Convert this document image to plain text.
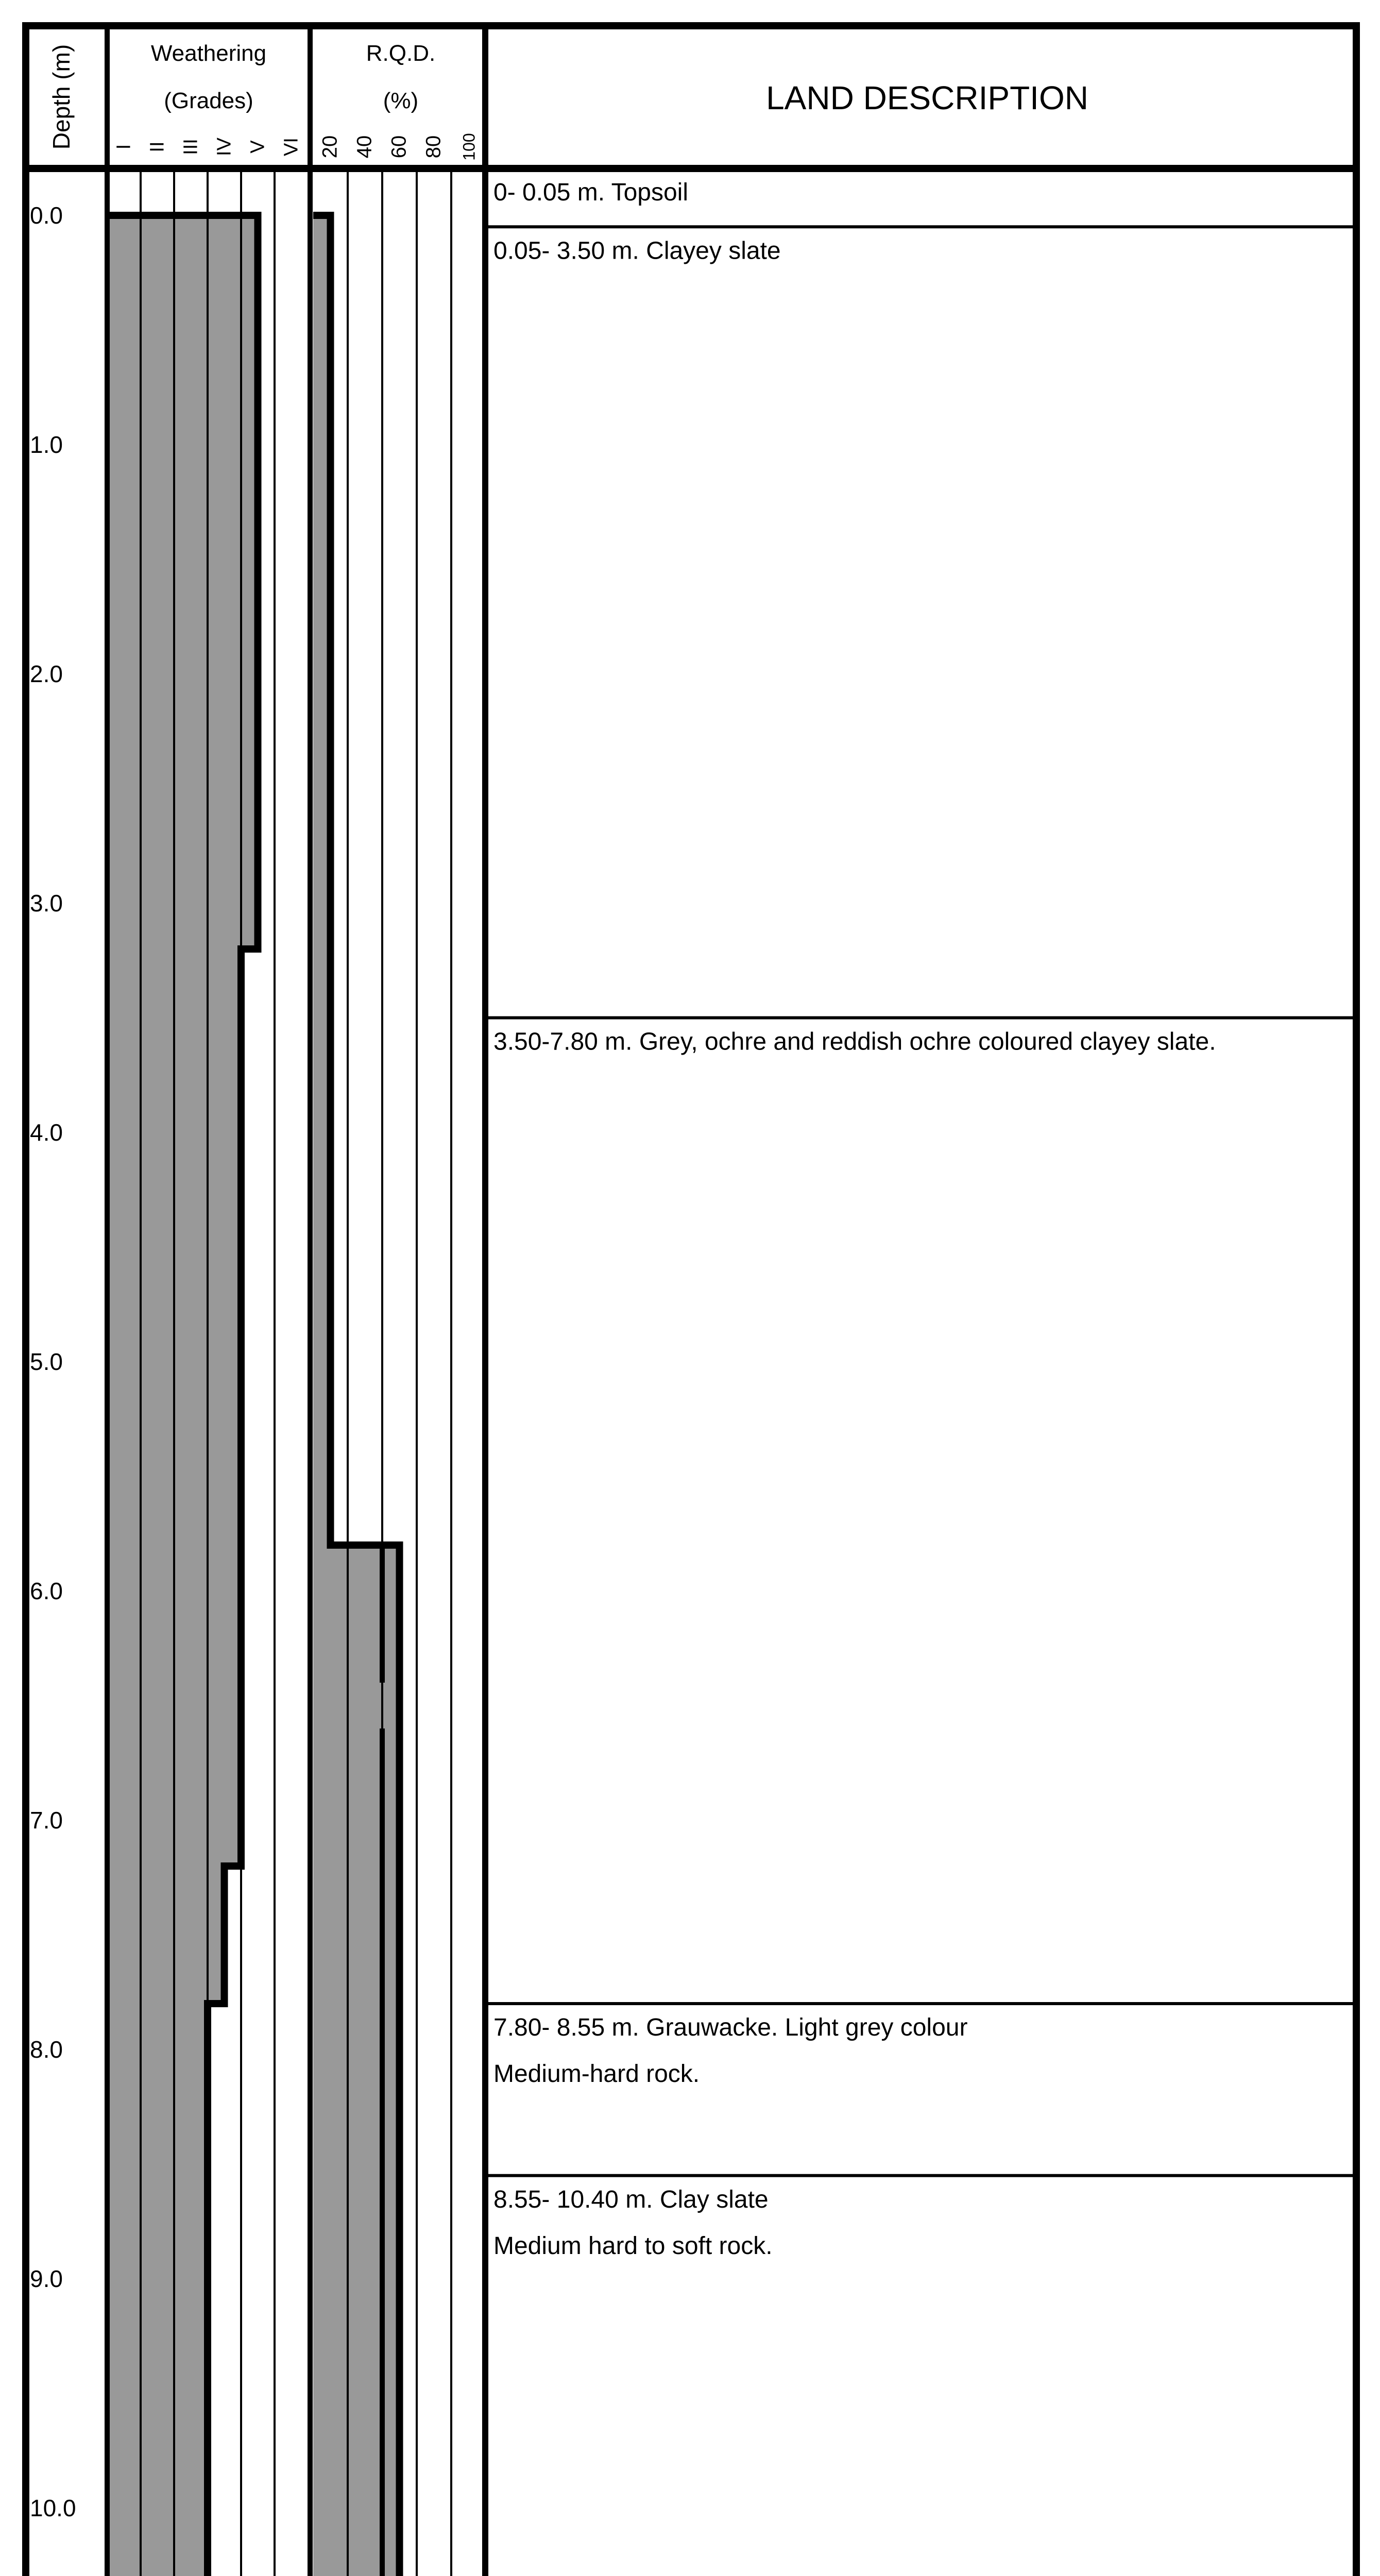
Depth (m)	Weathering
(Grades)
I II III IV V VI
R.Q.D.
(%)
20 40 60 80 100
LAND DESCRIPTION
0.0
1.0
2.0
3.0
4.0
5.0
6.0
7.0
8.0
9.0
10.0
0- 0.05 m. Topsoil
0.05- 3.50 m. Clayey slate
3.50-7.80 m. Grey, ochre and reddish ochre coloured clayey slate.
7.80- 8.55 m. Grauwacke. Light grey colour
Medium-hard rock.
8.55- 10.40 m. Clay slate
Medium hard to soft rock.
